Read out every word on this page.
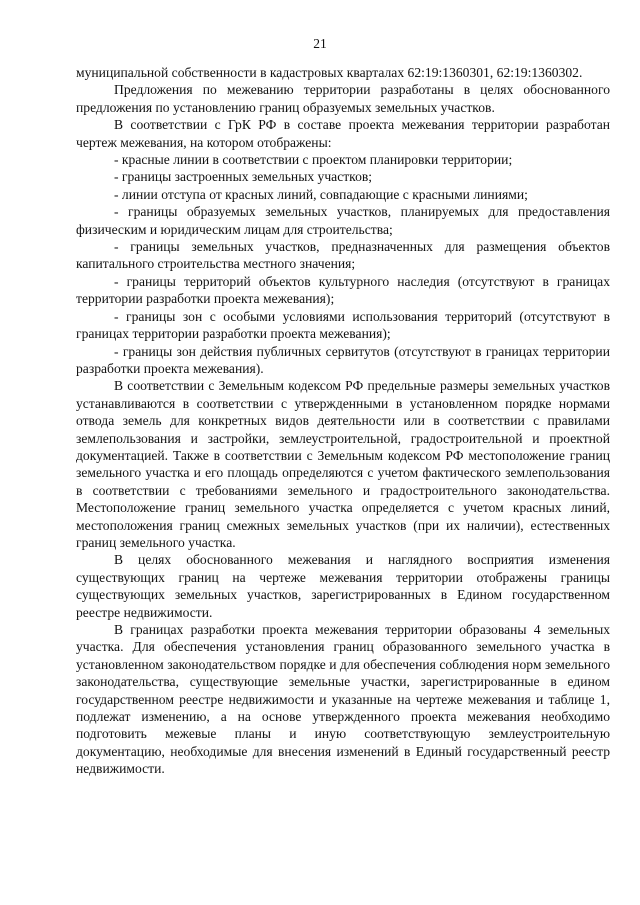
21

муниципальной собственности в кадастровых кварталах 62:19:1360301, 62:19:1360302.

Предложения по межеванию территории разработаны в целях обоснованного предложения по установлению границ образуемых земельных участков.

В соответствии с ГрК РФ в составе проекта межевания территории разработан чертеж межевания, на котором отображены:

- красные линии в соответствии с проектом планировки территории;

- границы застроенных земельных участков;

- линии отступа от красных линий, совпадающие с красными линиями;

- границы образуемых земельных участков, планируемых для предоставления физическим и юридическим лицам для строительства;

- границы земельных участков, предназначенных для размещения объектов капитального строительства местного значения;

- границы территорий объектов культурного наследия (отсутствуют в границах территории разработки проекта межевания);

- границы зон с особыми условиями использования территорий (отсутствуют в границах территории разработки проекта межевания);

- границы зон действия публичных сервитутов (отсутствуют в границах территории разработки проекта межевания).

В соответствии с Земельным кодексом РФ предельные размеры земельных участков устанавливаются в соответствии с утвержденными в установленном порядке нормами отвода земель для конкретных видов деятельности или в соответствии с правилами землепользования и застройки, землеустроительной, градостроительной и проектной документацией. Также в соответствии с Земельным кодексом РФ местоположение границ земельного участка и его площадь определяются с учетом фактического землепользования в соответствии с требованиями земельного и градостроительного законодательства. Местоположение границ земельного участка определяется с учетом красных линий, местоположения границ смежных земельных участков (при их наличии), естественных границ земельного участка.

В целях обоснованного межевания и наглядного восприятия изменения существующих границ на чертеже межевания территории отображены границы существующих земельных участков, зарегистрированных в Едином государственном реестре недвижимости.

В границах разработки проекта межевания территории образованы 4 земельных участка. Для обеспечения установления границ образованного земельного участка в установленном законодательством порядке и для обеспечения соблюдения норм земельного законодательства, существующие земельные участки, зарегистрированные в едином государственном реестре недвижимости и указанные на чертеже межевания и таблице 1, подлежат изменению, а на основе утвержденного проекта межевания необходимо подготовить межевые планы и иную соответствующую землеустроительную документацию, необходимые для внесения изменений в Единый государственный реестр недвижимости.
